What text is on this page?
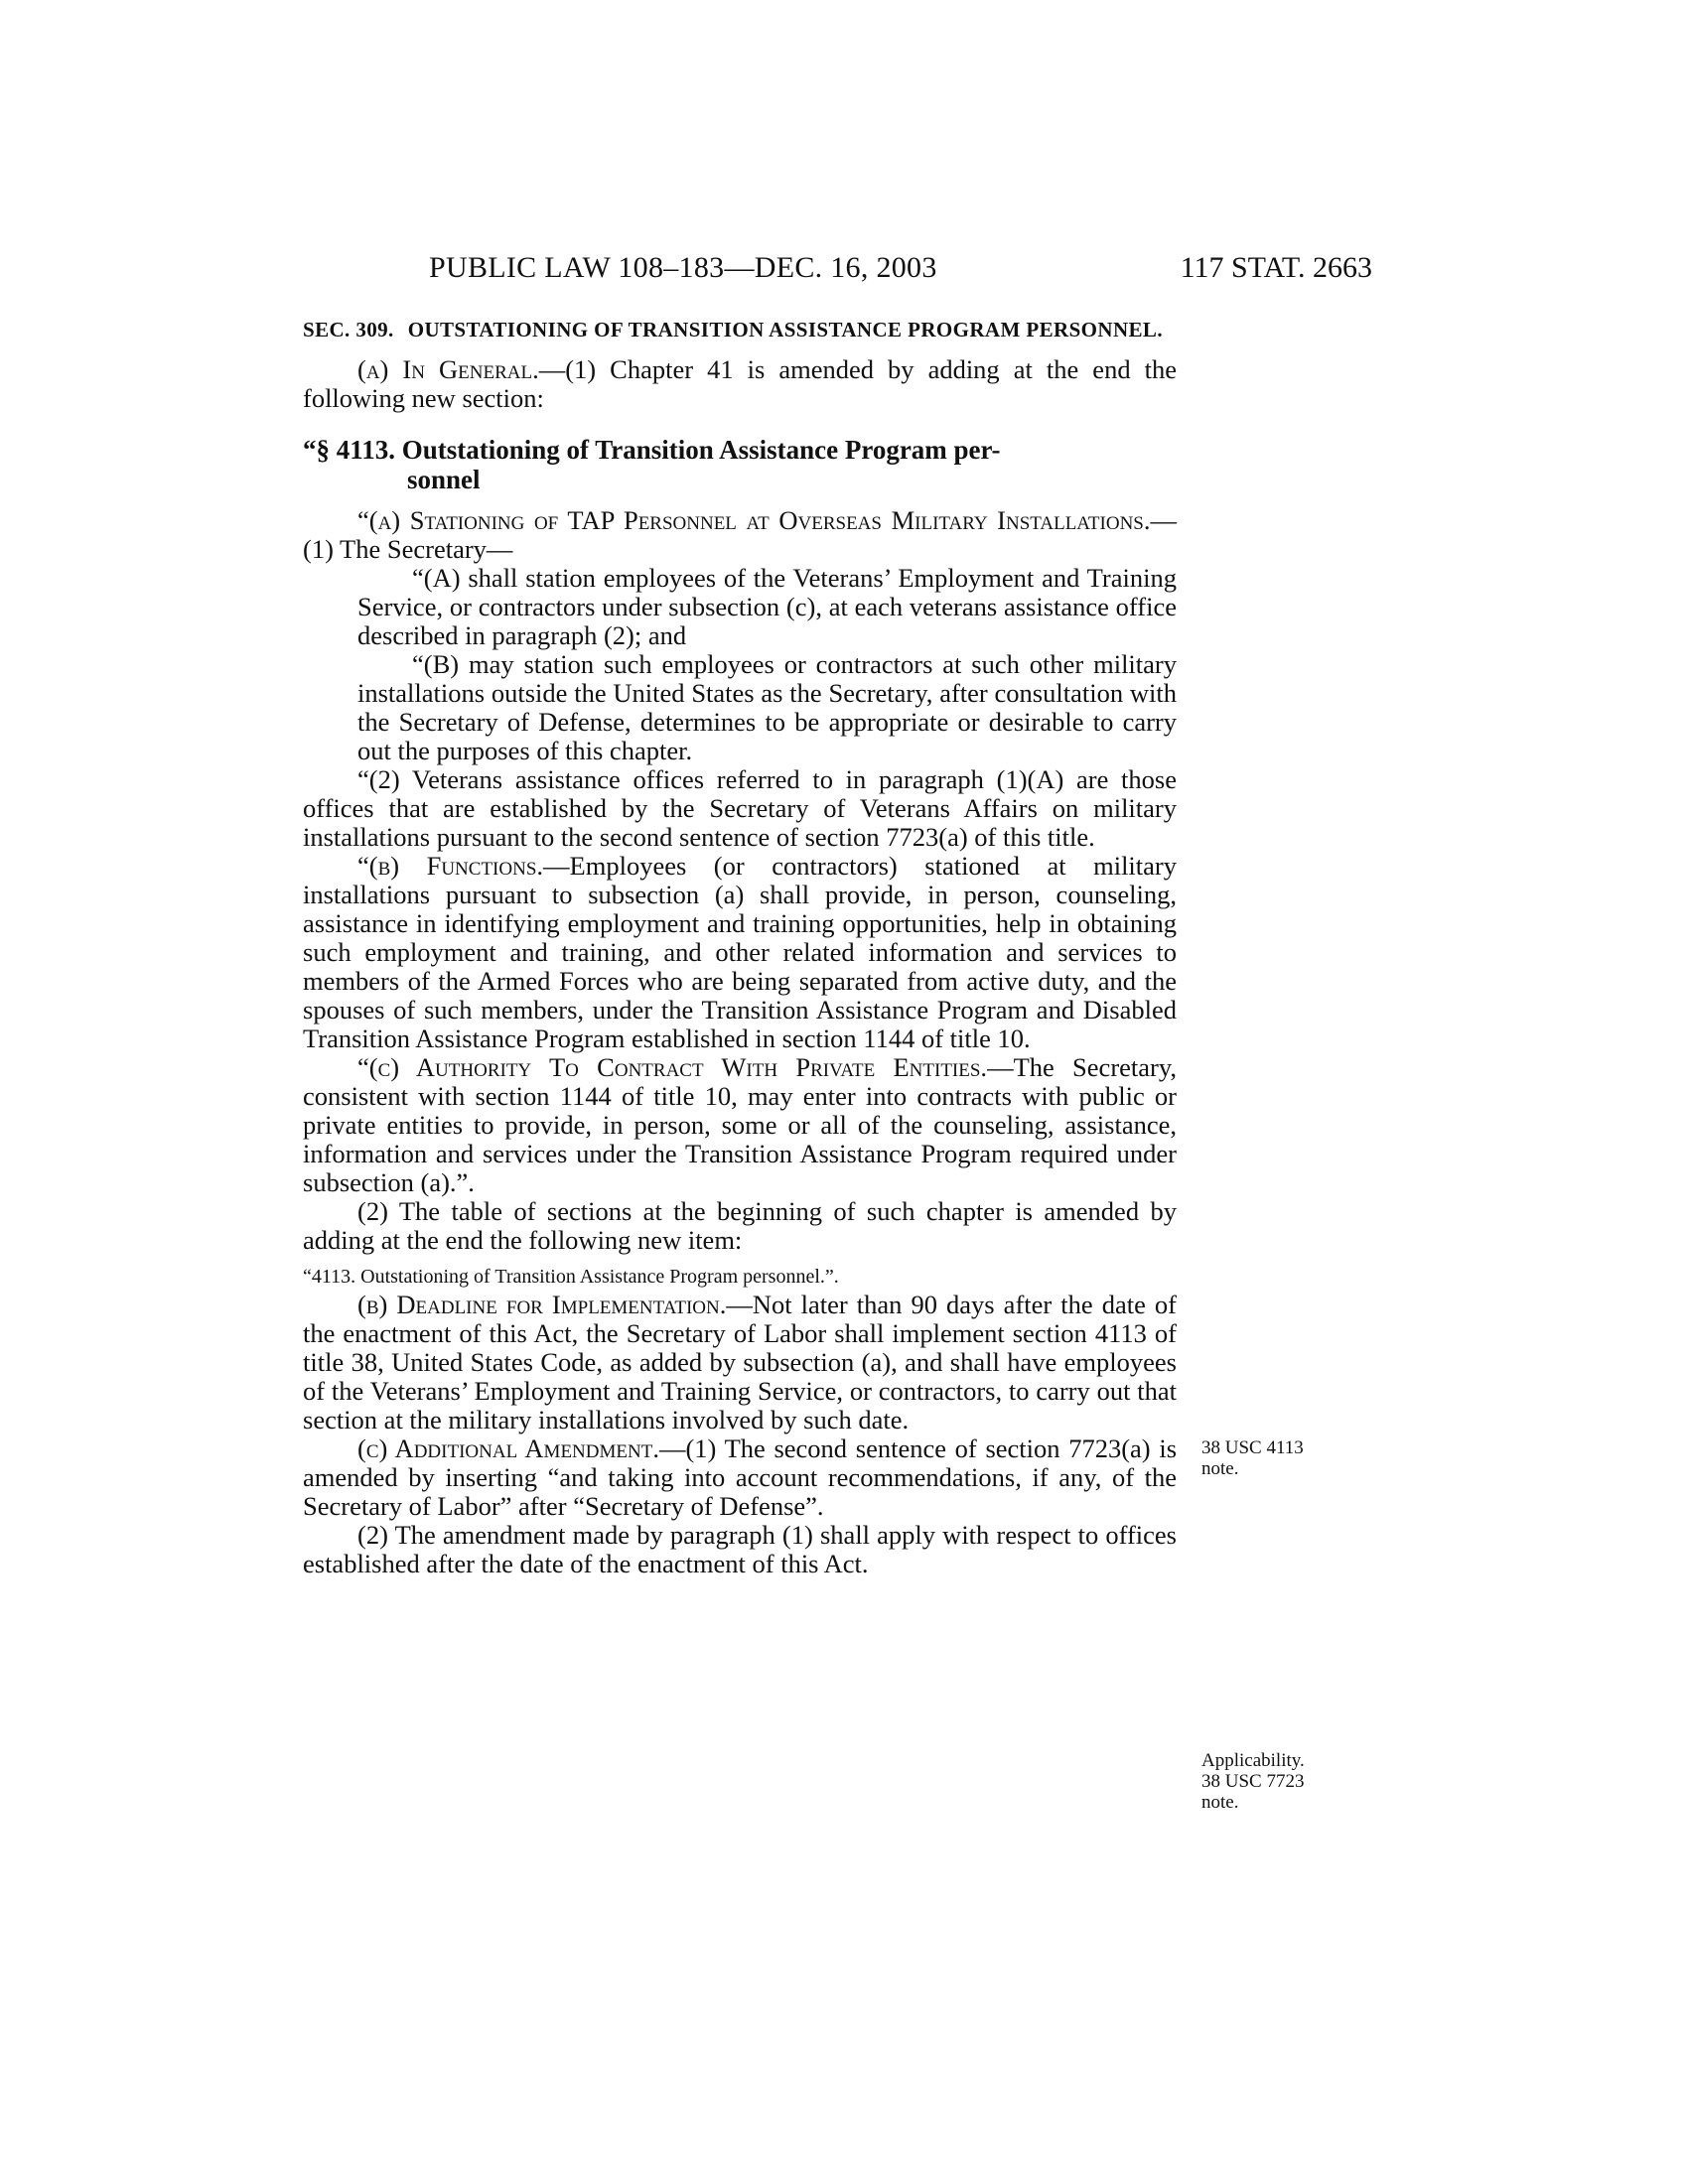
PUBLIC LAW 108–183—DEC. 16, 2003	117 STAT. 2663
SEC. 309. OUTSTATIONING OF TRANSITION ASSISTANCE PROGRAM PERSONNEL.

(a) In General.—(1) Chapter 41 is amended by adding at the end the following new section:

“§ 4113. Outstationing of Transition Assistance Program per-
sonnel

“(a) Stationing of TAP Personnel at Overseas Military Installations.—(1) The Secretary—

“(A) shall station employees of the Veterans’ Employment and Training Service, or contractors under subsection (c), at each veterans assistance office described in paragraph (2); and

“(B) may station such employees or contractors at such other military installations outside the United States as the Secretary, after consultation with the Secretary of Defense, determines to be appropriate or desirable to carry out the purposes of this chapter.

“(2) Veterans assistance offices referred to in paragraph (1)(A) are those offices that are established by the Secretary of Veterans Affairs on military installations pursuant to the second sentence of section 7723(a) of this title.

“(b) Functions.—Employees (or contractors) stationed at military installations pursuant to subsection (a) shall provide, in person, counseling, assistance in identifying employment and training opportunities, help in obtaining such employment and training, and other related information and services to members of the Armed Forces who are being separated from active duty, and the spouses of such members, under the Transition Assistance Program and Disabled Transition Assistance Program established in section 1144 of title 10.

“(c) Authority To Contract With Private Entities.—The Secretary, consistent with section 1144 of title 10, may enter into contracts with public or private entities to provide, in person, some or all of the counseling, assistance, information and services under the Transition Assistance Program required under subsection (a).”.

(2) The table of sections at the beginning of such chapter is amended by adding at the end the following new item:

“4113. Outstationing of Transition Assistance Program personnel.”.

(b) Deadline for Implementation.—Not later than 90 days after the date of the enactment of this Act, the Secretary of Labor shall implement section 4113 of title 38, United States Code, as added by subsection (a), and shall have employees of the Veterans’ Employment and Training Service, or contractors, to carry out that section at the military installations involved by such date.

(c) Additional Amendment.—(1) The second sentence of section 7723(a) is amended by inserting “and taking into account recommendations, if any, of the Secretary of Labor” after “Secretary of Defense”.

(2) The amendment made by paragraph (1) shall apply with respect to offices established after the date of the enactment of this Act.

38 USC 4113
note.
Applicability.
38 USC 7723
note.
